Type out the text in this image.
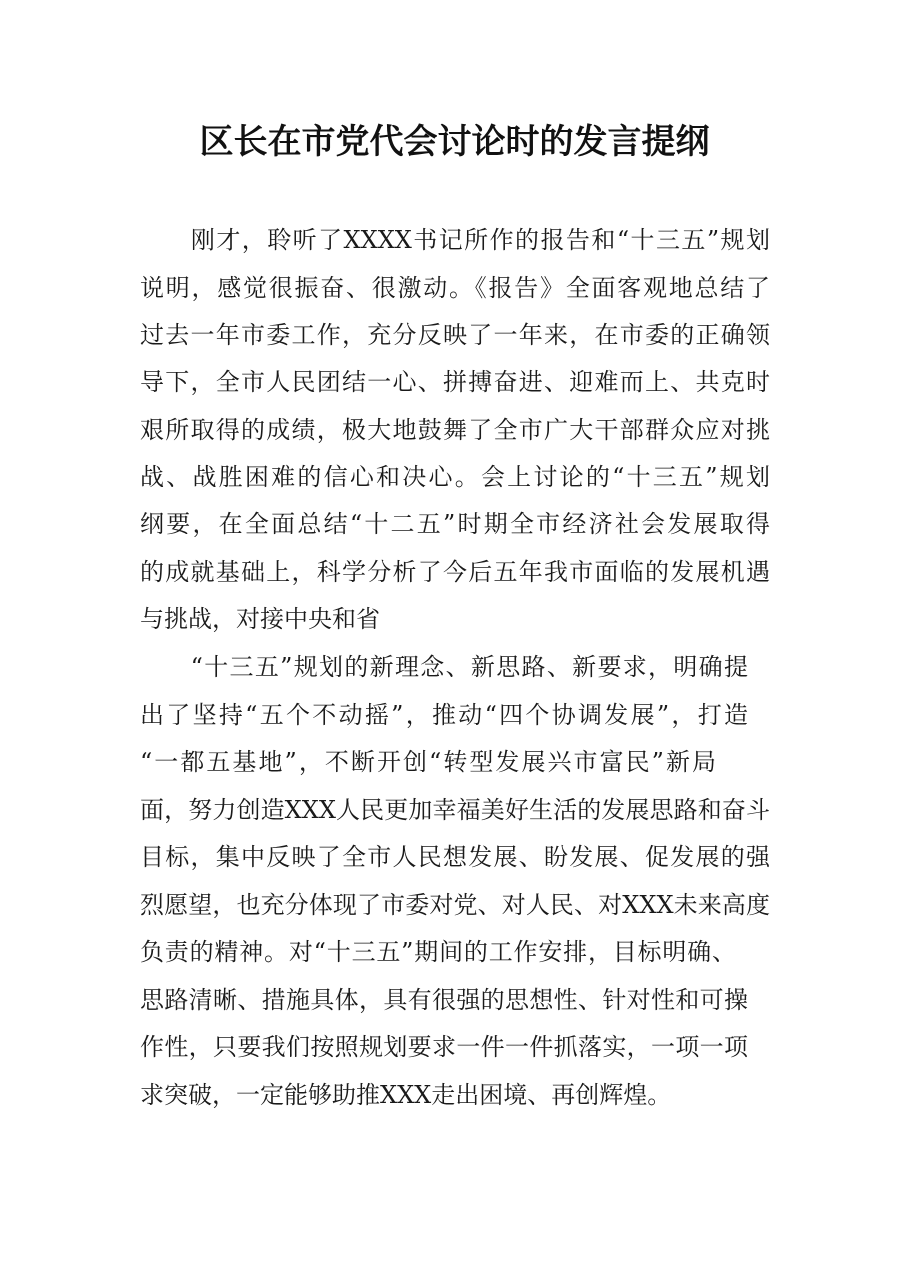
区长在市党代会讨论时的发言提纲
　　刚才，聆听了XXXX书记所作的报告和“十三五”规划
说明，感觉很振奋、很激动。《报告》全面客观地总结了
过去一年市委工作，充分反映了一年来，在市委的正确领
导下，全市人民团结一心、拼搏奋进、迎难而上、共克时
艰所取得的成绩，极大地鼓舞了全市广大干部群众应对挑
战、战胜困难的信心和决心。会上讨论的“十三五”规划
纲要，在全面总结“十二五”时期全市经济社会发展取得
的成就基础上，科学分析了今后五年我市面临的发展机遇
与挑战，对接中央和省
　　“十三五”规划的新理念、新思路、新要求，明确提
出了坚持“五个不动摇”，推动“四个协调发展”，打造
“一都五基地”，不断开创“转型发展兴市富民”新局
面，努力创造XXX人民更加幸福美好生活的发展思路和奋斗
目标，集中反映了全市人民想发展、盼发展、促发展的强
烈愿望，也充分体现了市委对党、对人民、对XXX未来高度
负责的精神。对“十三五”期间的工作安排，目标明确、
思路清晰、措施具体，具有很强的思想性、针对性和可操
作性，只要我们按照规划要求一件一件抓落实，一项一项
求突破，一定能够助推XXX走出困境、再创辉煌。
